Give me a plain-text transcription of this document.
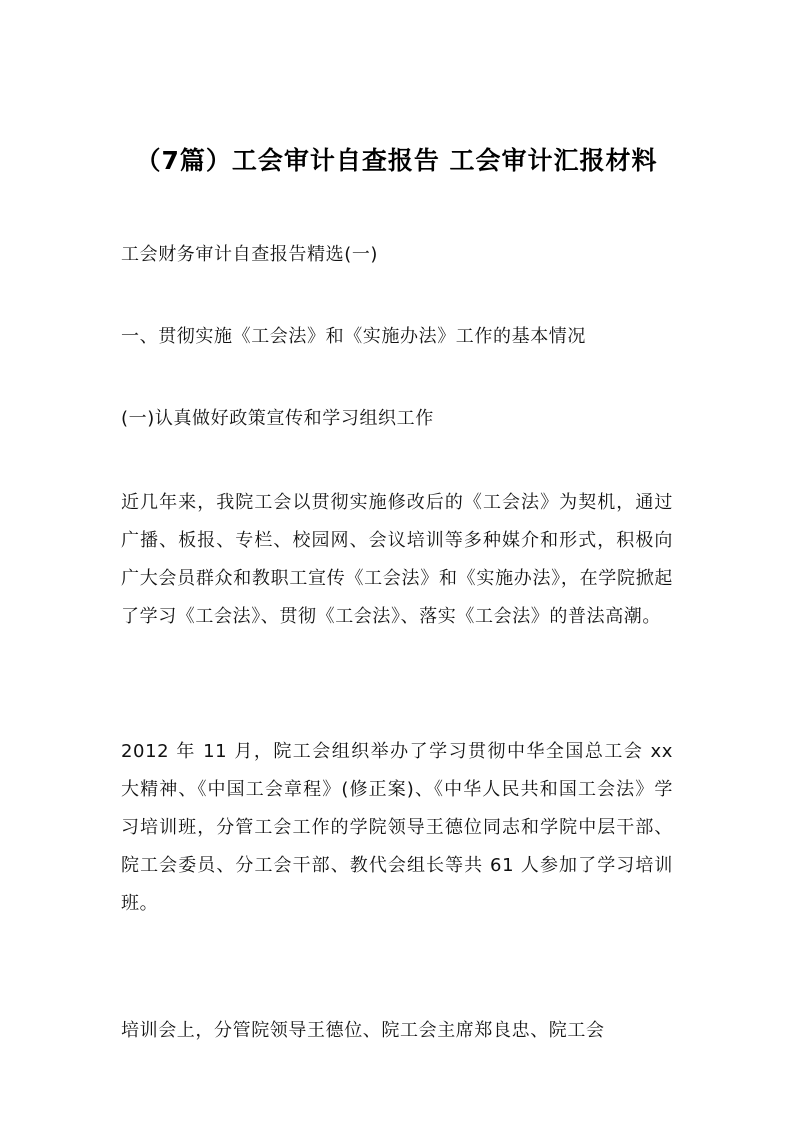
（7篇）工会审计自查报告 工会审计汇报材料

工会财务审计自查报告精选(一)

一、贯彻实施《工会法》和《实施办法》工作的基本情况

(一)认真做好政策宣传和学习组织工作

近几年来，我院工会以贯彻实施修改后的《工会法》为契机，通过广播、板报、专栏、校园网、会议培训等多种媒介和形式，积极向广大会员群众和教职工宣传《工会法》和《实施办法》，在学院掀起了学习《工会法》、贯彻《工会法》、落实《工会法》的普法高潮。

2012 年 11 月，院工会组织举办了学习贯彻中华全国总工会 xx 大精神、《中国工会章程》(修正案)、《中华人民共和国工会法》学习培训班，分管工会工作的学院领导王德位同志和学院中层干部、院工会委员、分工会干部、教代会组长等共 61 人参加了学习培训班。

培训会上，分管院领导王德位、院工会主席郑良忠、院工会
